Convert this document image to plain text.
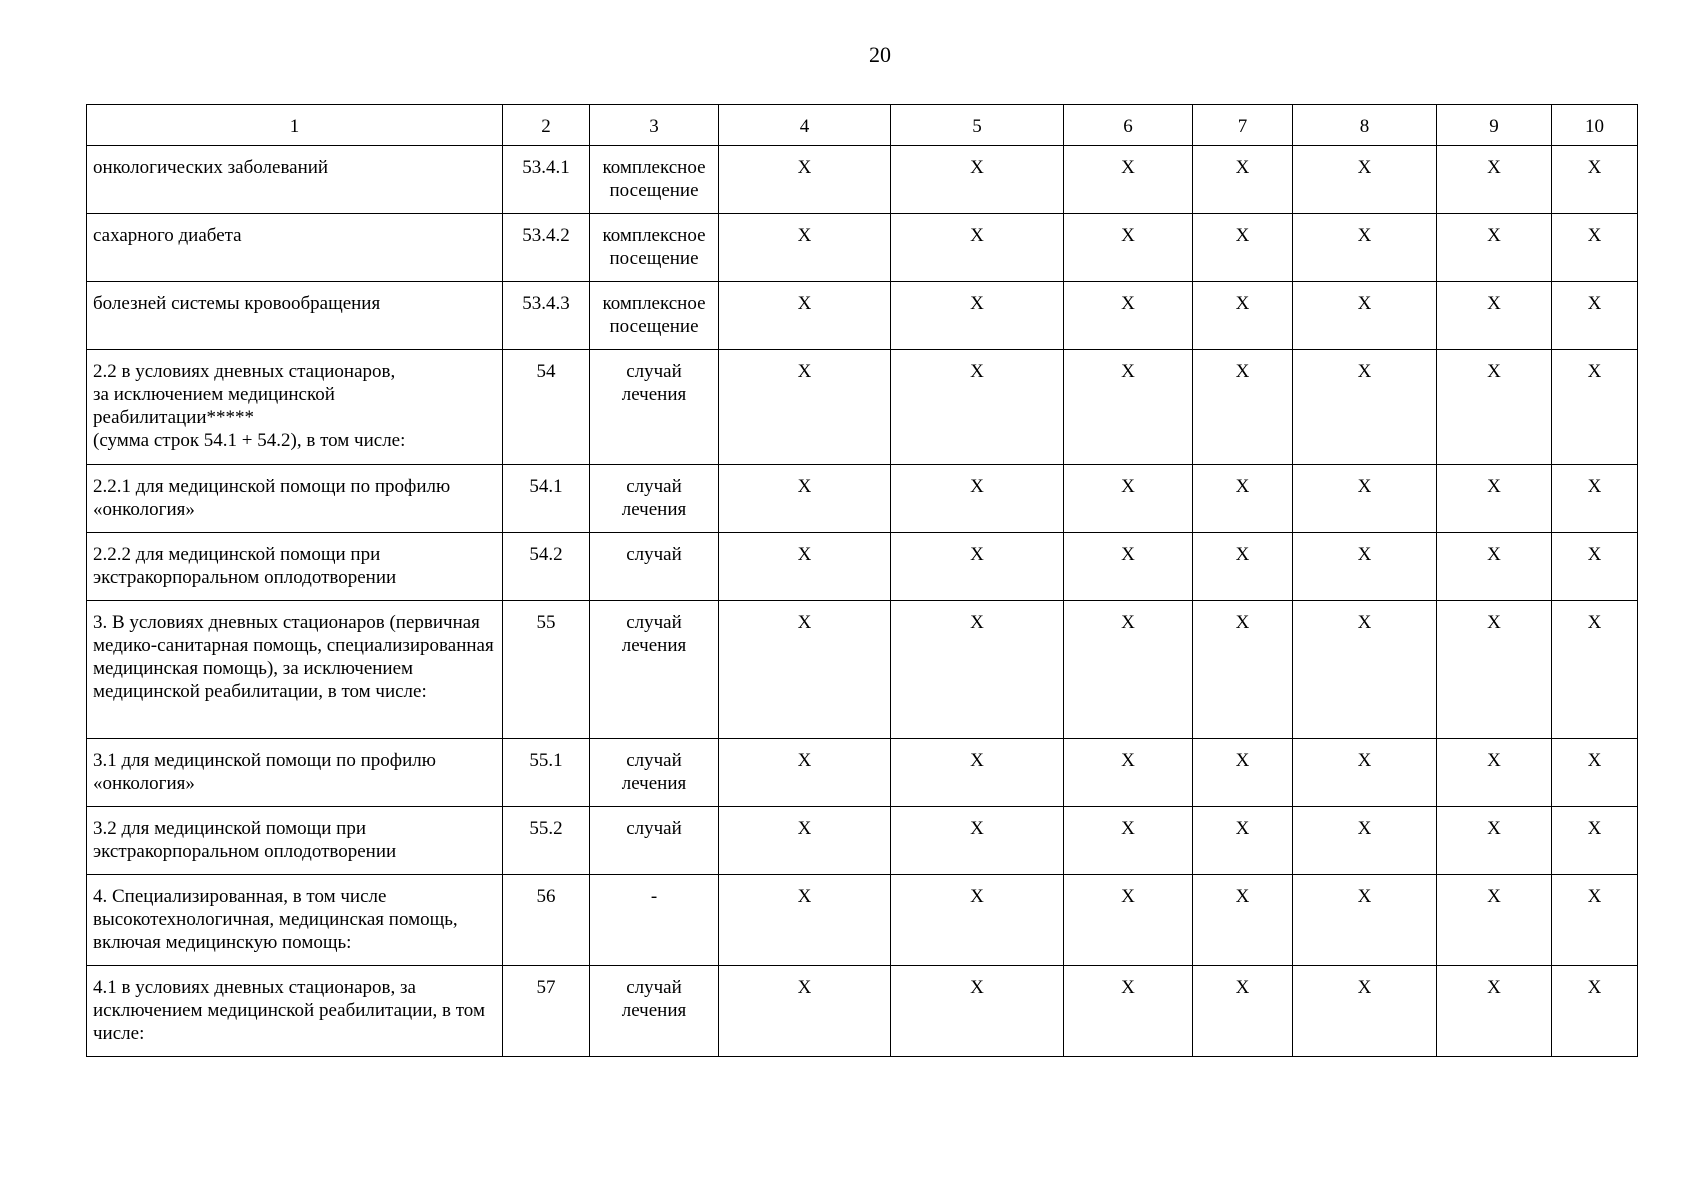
20
1	2	3	4	5	6	7	8	9	10
онкологических заболеваний	53.4.1	комплексное посещение	X	X	X	X	X	X	X
сахарного диабета	53.4.2	комплексное посещение	X	X	X	X	X	X	X
болезней системы кровообращения	53.4.3	комплексное посещение	X	X	X	X	X	X	X
2.2 в условиях дневных стационаров,
за исключением медицинской реабилитации*****
(сумма строк 54.1 + 54.2), в том числе:	54	случай лечения	X	X	X	X	X	X	X
2.2.1 для медицинской помощи по профилю «онкология»	54.1	случай лечения	X	X	X	X	X	X	X
2.2.2 для медицинской помощи при экстракорпоральном оплодотворении	54.2	случай	X	X	X	X	X	X	X
3. В условиях дневных стационаров (первичная медико-санитарная помощь, специализированная медицинская помощь), за исключением медицинской реабилитации, в том числе:	55	случай лечения	X	X	X	X	X	X	X
3.1 для медицинской помощи по профилю «онкология»	55.1	случай лечения	X	X	X	X	X	X	X
3.2 для медицинской помощи при экстракорпоральном оплодотворении	55.2	случай	X	X	X	X	X	X	X
4. Специализированная, в том числе высокотехнологичная, медицинская помощь, включая медицинскую помощь:	56	-	X	X	X	X	X	X	X
4.1 в условиях дневных стационаров, за исключением медицинской реабилитации, в том числе:	57	случай лечения	X	X	X	X	X	X	X
